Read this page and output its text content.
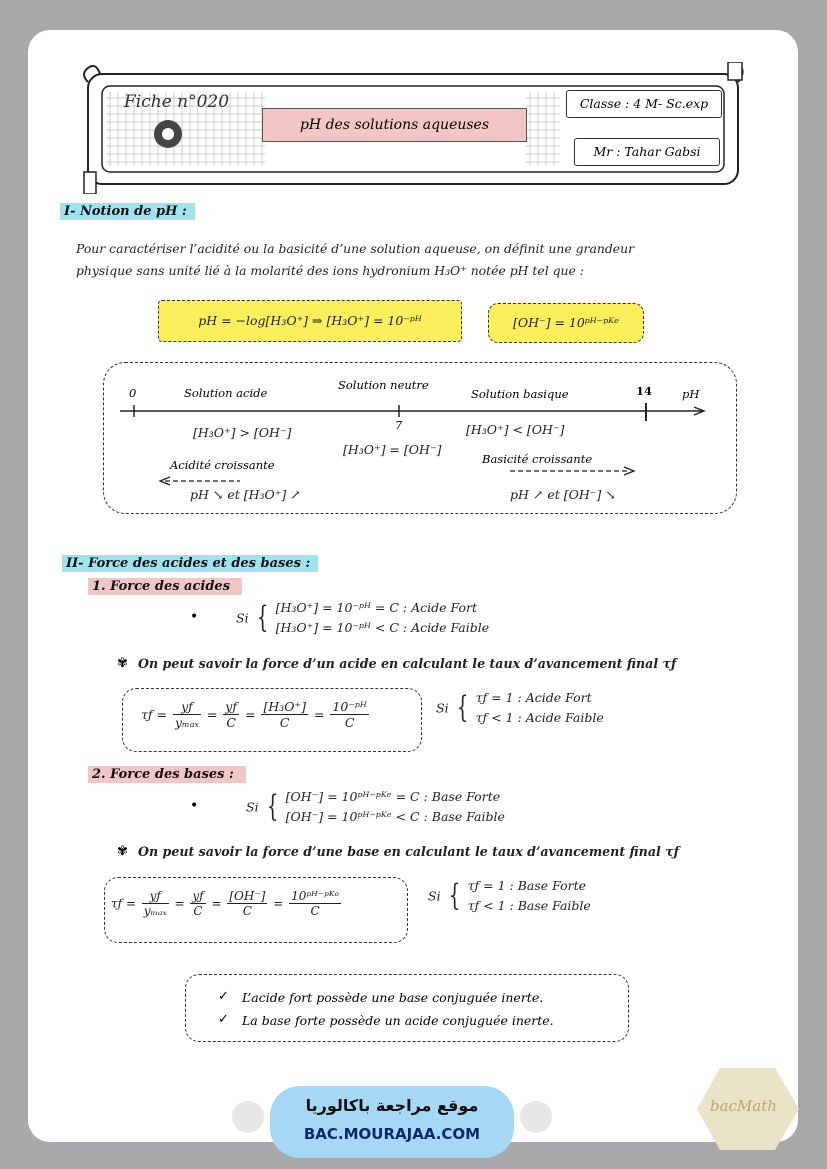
Fiche n°020
pH des solutions aqueuses
Classe : 4 M- Sc.exp
Mr : Tahar Gabsi
I- Notion de pH :
Pour caractériser l’acidité ou la basicité d’une solution aqueuse, on définit une grandeur
physique sans unité lié à la molarité des ions hydronium H₃O⁺ notée pH tel que :
pH = −log[H₃O⁺] ⇒ [H₃O⁺] = 10⁻ᵖᴴ	[OH⁻] = 10ᵖᴴ⁻ᵖᴷᵉ
0	Solution acide
Solution neutre
Solution basique	14	pH
7
[H₃O⁺] > [OH⁻]
[H₃O⁺] = [OH⁻]
[H₃O⁺] < [OH⁻]
Acidité croissante	Basicité croissante
pH ↘ et [H₃O⁺] ↗	pH ↗ et [OH⁻] ↘
II- Force des acides et des bases :
1. Force des acides
•	Si { [H₃O⁺] = 10⁻ᵖᴴ = C : Acide Fort
[H₃O⁺] = 10⁻ᵖᴴ < C : Acide Faible
✾ On peut savoir la force d’un acide en calculant le taux d’avancement final τƒ
τƒ = $\frac{yƒ}{\text{yₘₐₓ}} = \frac{yƒ}{C} = \frac{\text{[H₃O⁺]}}{C} = \frac{\text{10⁻ᵖᴴ}}{C}$	Si { τƒ = 1 : Acide Fort
τƒ < 1 : Acide Faible
2. Force des bases :
•	Si { [OH⁻] = 10ᵖᴴ⁻ᵖᴷᵉ = C : Base Forte
[OH⁻] = 10ᵖᴴ⁻ᵖᴷᵉ < C : Base Faible
✾ On peut savoir la force d’une base en calculant le taux d’avancement final τƒ
τƒ = $\frac{yƒ}{\text{yₘₐₓ}} = \frac{yƒ}{C} = \frac{[OH^-]}{C} = \frac{\text{10ᵖᴴ⁻ᵖᴷᵉ}}{C}$	Si { τƒ = 1 : Base Forte
τƒ < 1 : Base Faible
✓ L’acide fort possède une base conjuguée inerte.
✓ La base forte possède un acide conjuguée inerte.
موقع مراجعة باكالوريا
BAC.MOURAJAA.COM
bacMath
